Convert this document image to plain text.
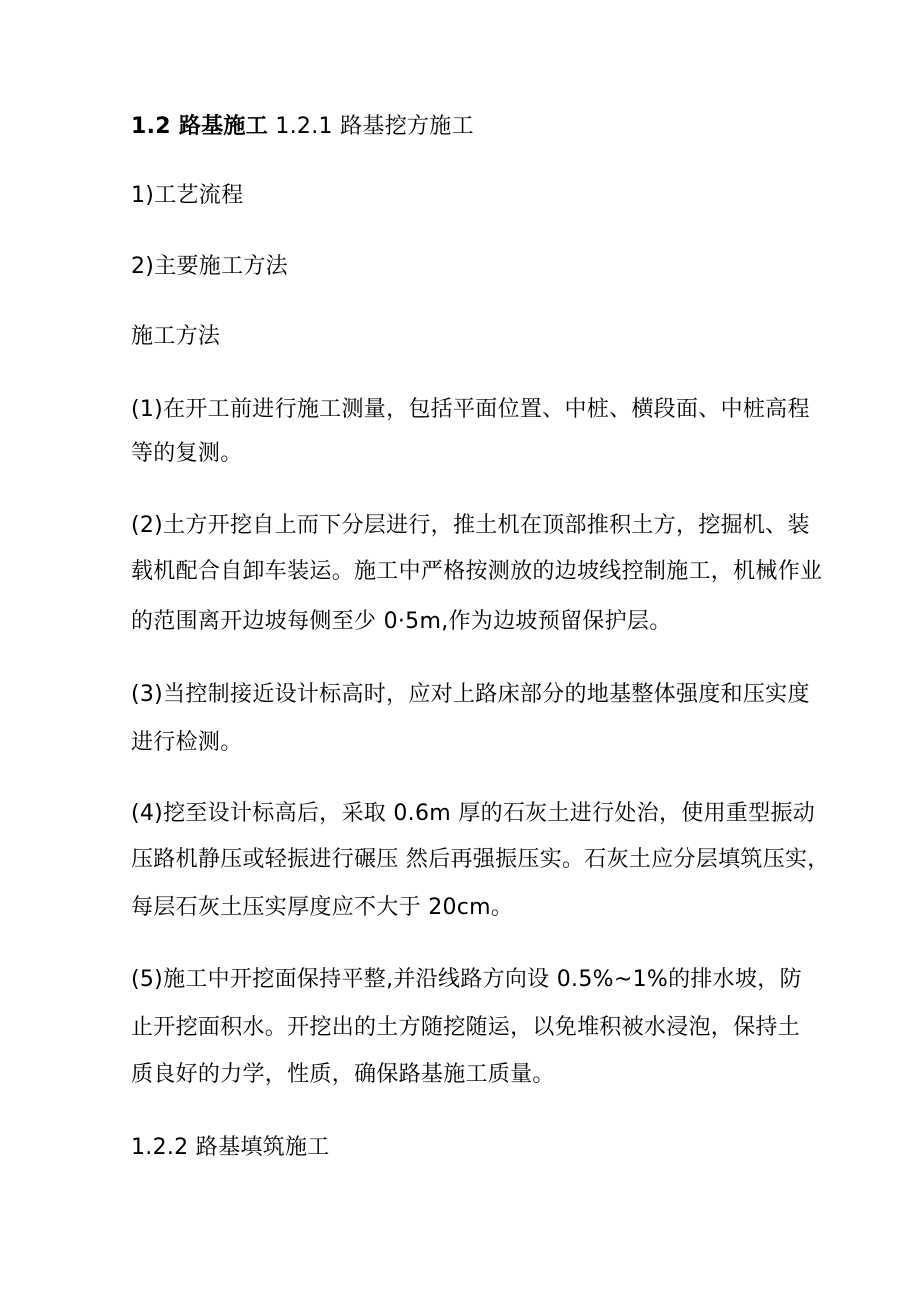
1.2 路基施工 1.2.1 路基挖方施工

1)工艺流程

2)主要施工方法

施工方法

(1)在开工前进行施工测量，包括平面位置、中桩、横段面、中桩高程

等的复测。

(2)土方开挖自上而下分层进行，推土机在顶部推积土方，挖掘机、装

载机配合自卸车装运。施工中严格按测放的边坡线控制施工，机械作业

的范围离开边坡每侧至少 0·5m,作为边坡预留保护层。

(3)当控制接近设计标高时，应对上路床部分的地基整体强度和压实度

进行检测。

(4)挖至设计标高后，采取 0.6m 厚的石灰土进行处治，使用重型振动

压路机静压或轻振进行碾压 然后再强振压实。石灰土应分层填筑压实，

每层石灰土压实厚度应不大于 20cm。

(5)施工中开挖面保持平整,并沿线路方向设 0.5%~1%的排水坡，防

止开挖面积水。开挖出的土方随挖随运，以免堆积被水浸泡，保持土

质良好的力学，性质，确保路基施工质量。

1.2.2 路基填筑施工
